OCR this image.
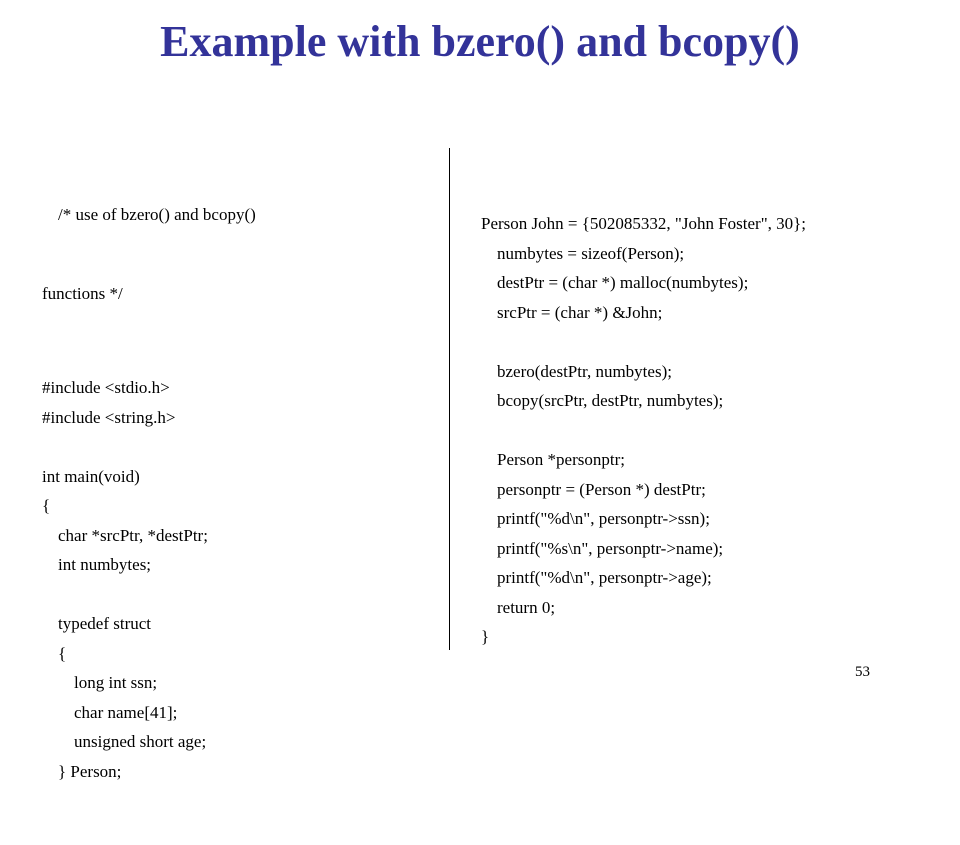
Example with bzero() and bcopy()

/* use of bzero() and bcopy()

functions */

#include <stdio.h>
#include <string.h>
int main(void)
{
char *srcPtr, *destPtr;
int numbytes;
typedef struct
{
long int ssn;
char name[41];
unsigned short age;
} Person;

Person John = {502085332, "John Foster", 30};
numbytes = sizeof(Person);
destPtr = (char *) malloc(numbytes);
srcPtr = (char *) &John;
bzero(destPtr, numbytes);
bcopy(srcPtr, destPtr, numbytes);
Person *personptr;
personptr = (Person *) destPtr;
printf("%d\n", personptr->ssn);
printf("%s\n", personptr->name);
printf("%d\n", personptr->age);
return 0;
}

53
